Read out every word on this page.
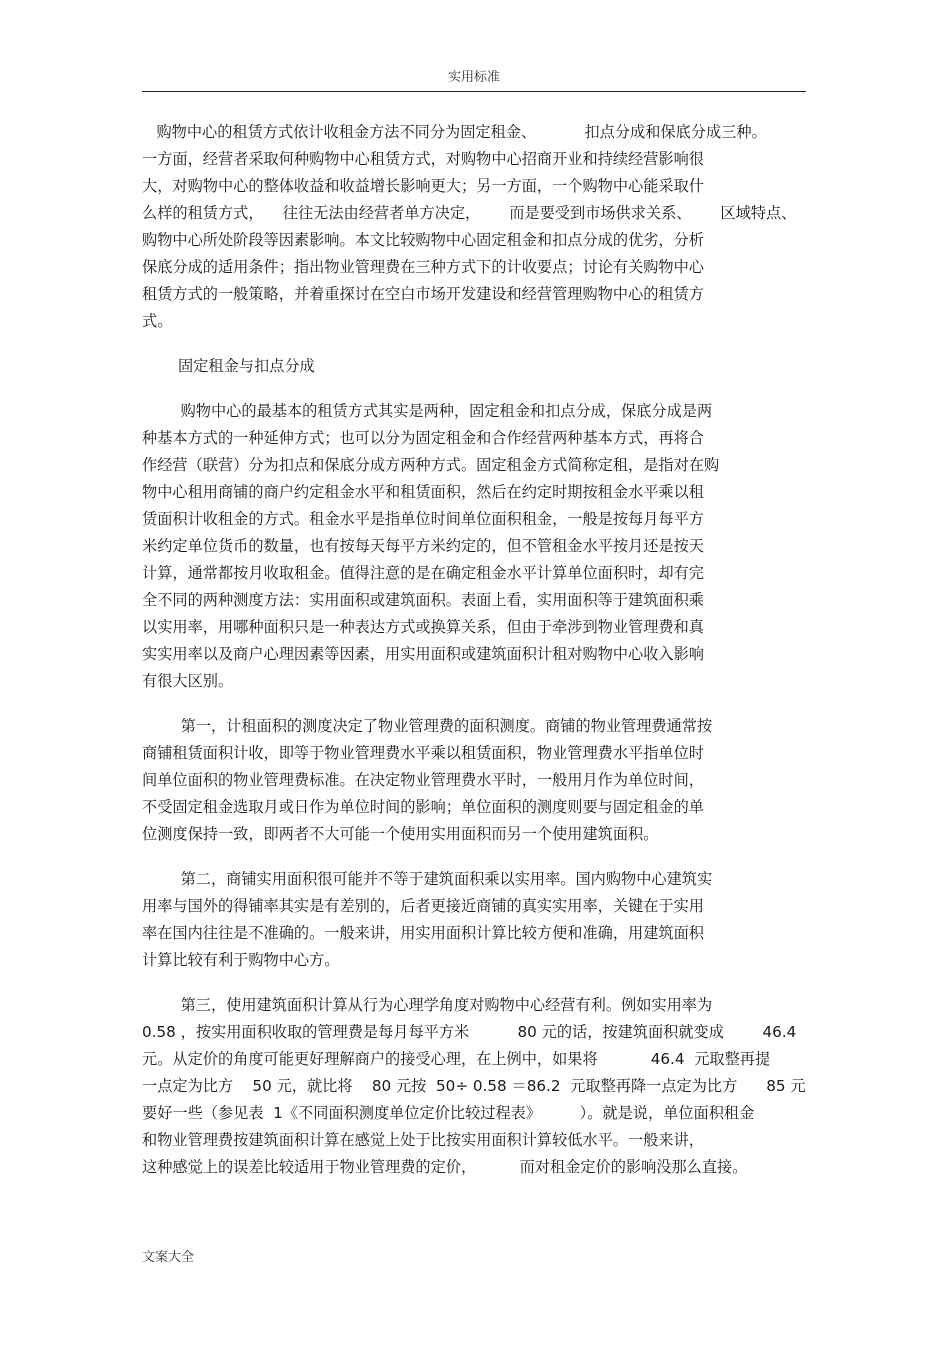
实用标准
购物中心的租赁方式依计收租金方法不同分为固定租金、          扣点分成和保底分成三种。
一方面，经营者采取何种购物中心租赁方式，对购物中心招商开业和持续经营影响很
大，对购物中心的整体收益和收益增长影响更大；另一方面，一个购物中心能采取什
么样的租赁方式，    往往无法由经营者单方决定，      而是要受到市场供求关系、      区域特点、
购物中心所处阶段等因素影响。本文比较购物中心固定租金和扣点分成的优劣，分析
保底分成的适用条件；指出物业管理费在三种方式下的计收要点；讨论有关购物中心
租赁方式的一般策略，并着重探讨在空白市场开发建设和经营管理购物中心的租赁方
式。
固定租金与扣点分成
购物中心的最基本的租赁方式其实是两种，固定租金和扣点分成，保底分成是两
种基本方式的一种延伸方式；也可以分为固定租金和合作经营两种基本方式，再将合
作经营（联营）分为扣点和保底分成方两种方式。固定租金方式简称定租，是指对在购
物中心租用商铺的商户约定租金水平和租赁面积，然后在约定时期按租金水平乘以租
赁面积计收租金的方式。租金水平是指单位时间单位面积租金，一般是按每月每平方
米约定单位货币的数量，也有按每天每平方米约定的，但不管租金水平按月还是按天
计算，通常都按月收取租金。值得注意的是在确定租金水平计算单位面积时，却有完
全不同的两种测度方法：实用面积或建筑面积。表面上看，实用面积等于建筑面积乘
以实用率，用哪种面积只是一种表达方式或换算关系，但由于牵涉到物业管理费和真
实实用率以及商户心理因素等因素，用实用面积或建筑面积计租对购物中心收入影响
有很大区别。
第一，计租面积的测度决定了物业管理费的面积测度。商铺的物业管理费通常按
商铺租赁面积计收，即等于物业管理费水平乘以租赁面积，物业管理费水平指单位时
间单位面积的物业管理费标准。在决定物业管理费水平时，一般用月作为单位时间，
不受固定租金选取月或日作为单位时间的影响；单位面积的测度则要与固定租金的单
位测度保持一致，即两者不大可能一个使用实用面积而另一个使用建筑面积。
第二，商铺实用面积很可能并不等于建筑面积乘以实用率。国内购物中心建筑实
用率与国外的得铺率其实是有差别的，后者更接近商铺的真实实用率，关键在于实用
率在国内往往是不准确的。一般来讲，用实用面积计算比较方便和准确，用建筑面积
计算比较有利于购物中心方。
第三，使用建筑面积计算从行为心理学角度对购物中心经营有利。例如实用率为
0.58 ，按实用面积收取的管理费是每月每平方米          80 元的话，按建筑面积就变成        46.4
元。从定价的角度可能更好理解商户的接受心理，在上例中，如果将           46.4  元取整再提
一点定为比方    50 元，就比将    80 元按  50÷ 0.58 ＝86.2  元取整再降一点定为比方      85 元
要好一些（参见表  1《不同面积测度单位定价比较过程表》        ）。就是说，单位面积租金
和物业管理费按建筑面积计算在感觉上处于比按实用面积计算较低水平。一般来讲，
这种感觉上的误差比较适用于物业管理费的定价，         而对租金定价的影响没那么直接。
文案大全
